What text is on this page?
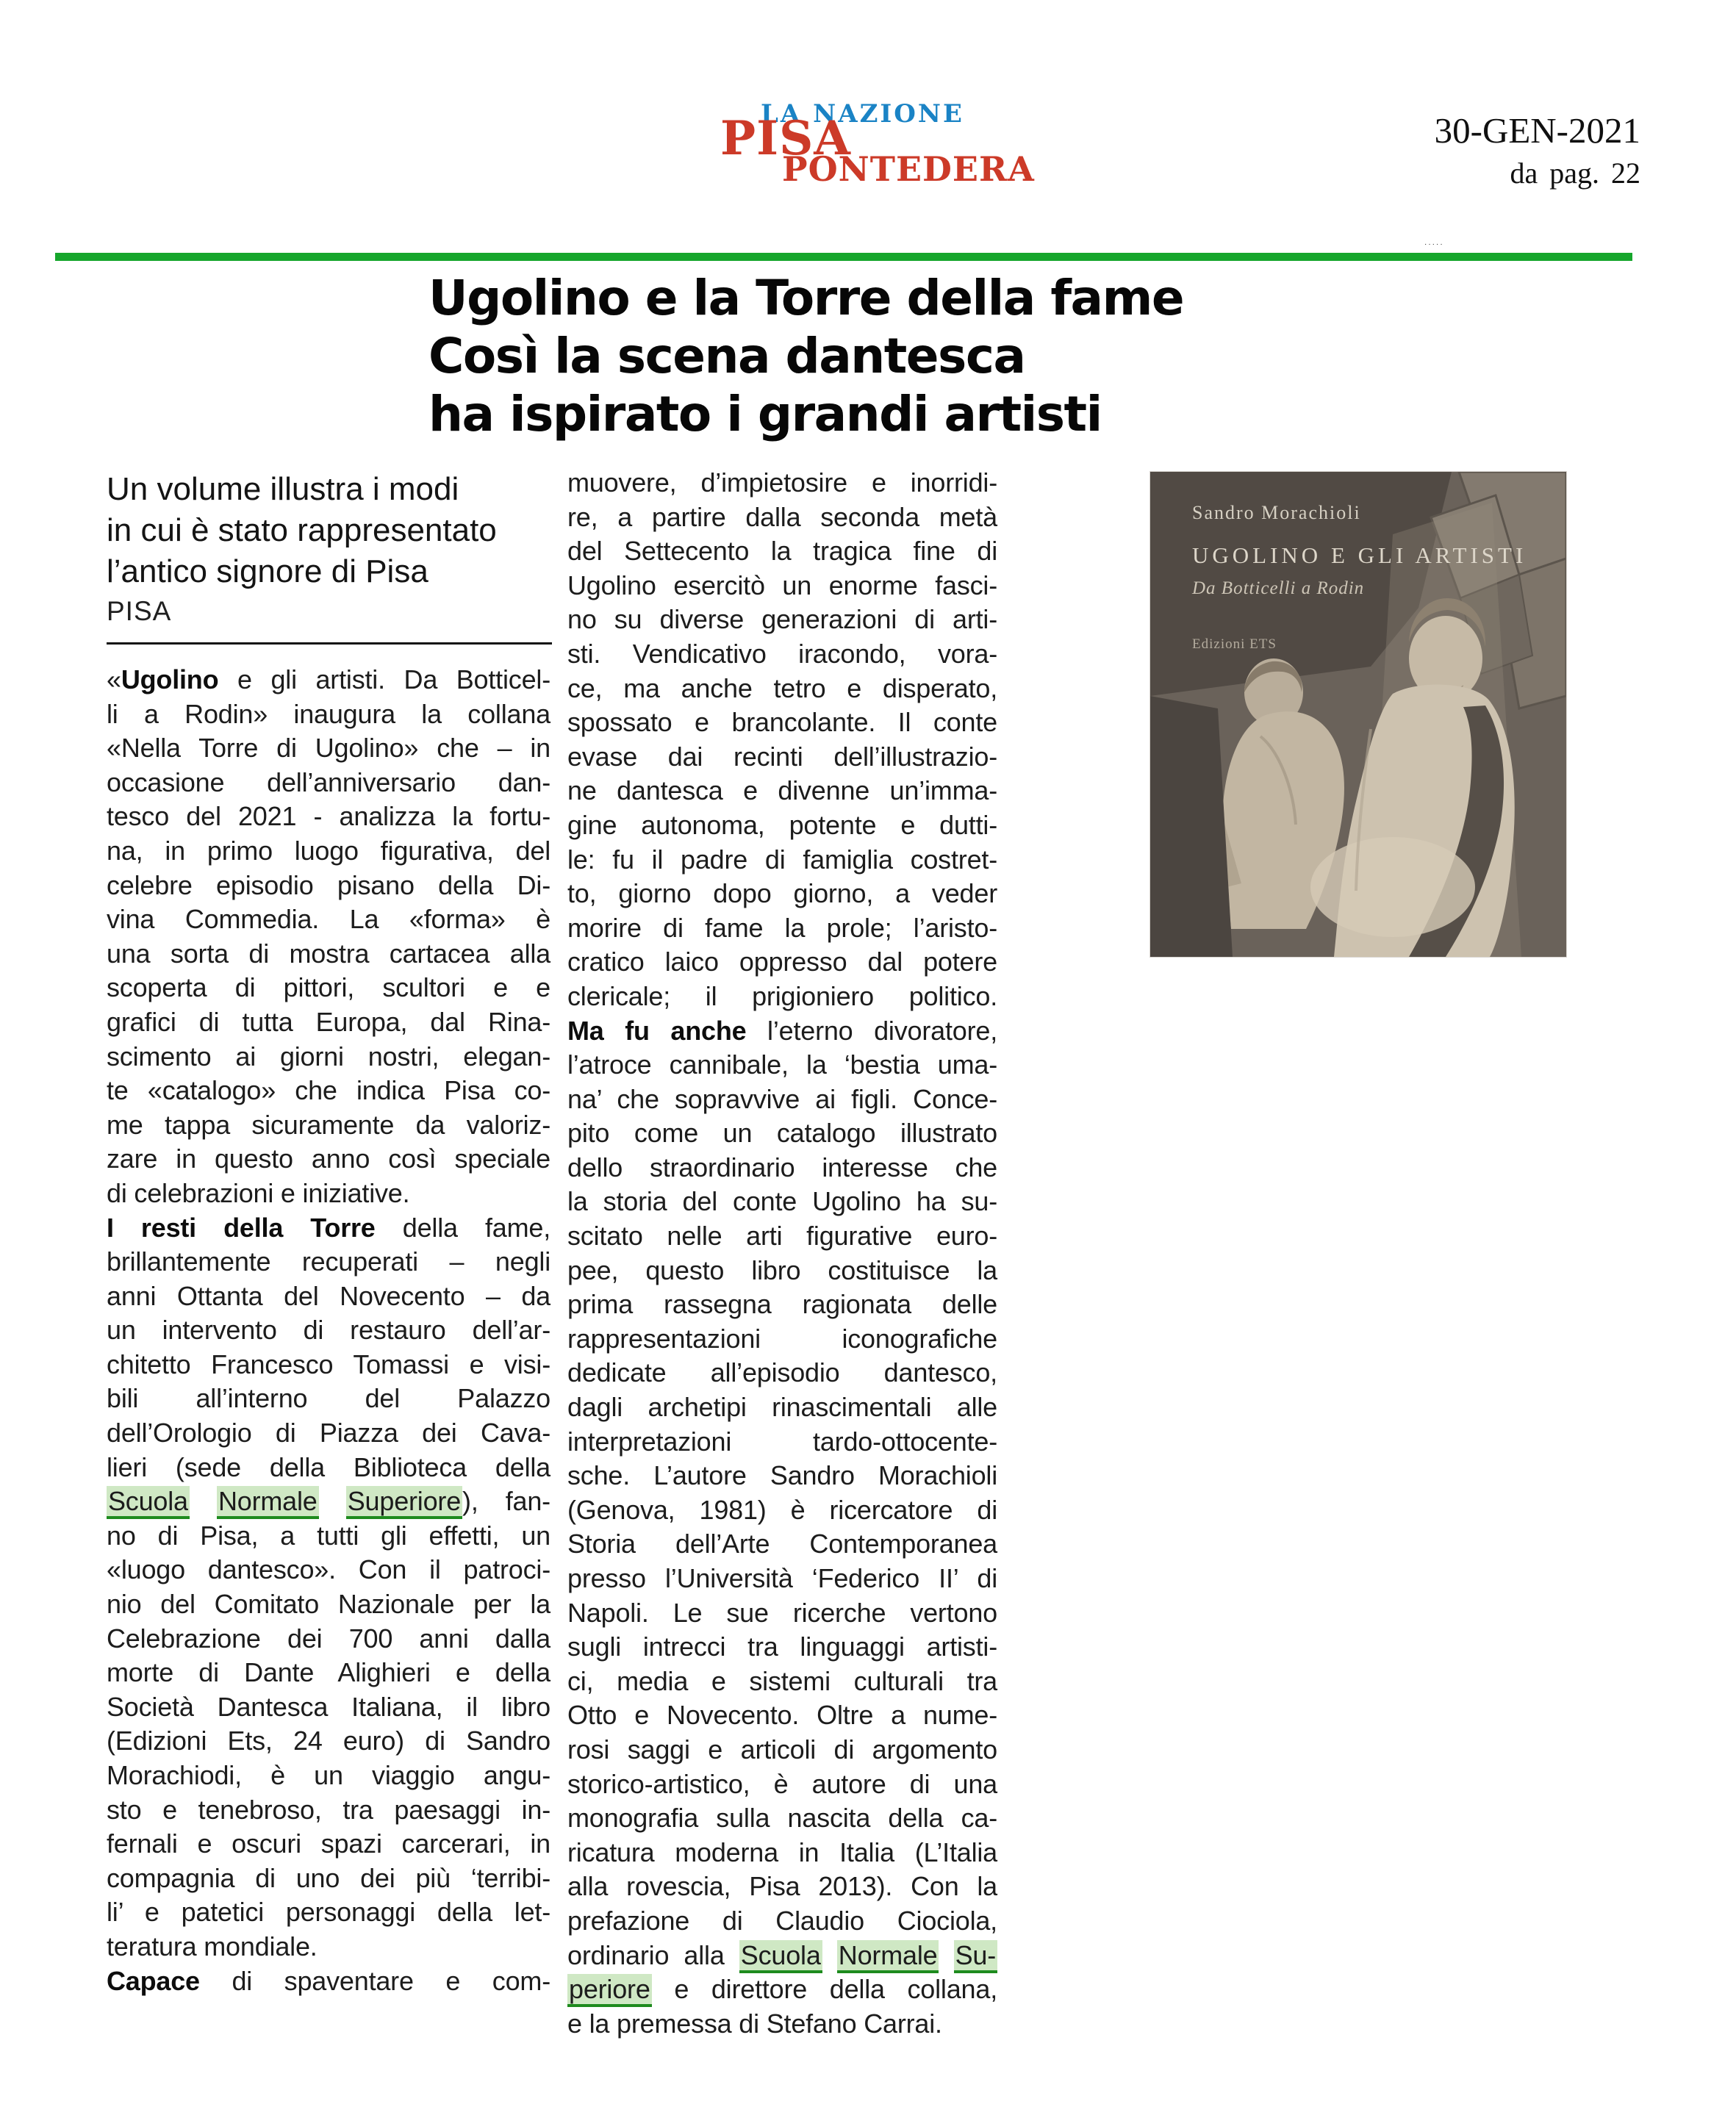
LA NAZIONE
PISA
PONTEDERA
30-GEN-2021
da pag. 22
·····
Ugolino e la Torre della fame
Così la scena dantesca
ha ispirato i grandi artisti
Un volume illustra i modi
in cui è stato rappresentato
l’antico signore di Pisa
PISA
«Ugolino e gli artisti. Da Botticel-
li a Rodin» inaugura la collana
«Nella Torre di Ugolino» che – in
occasione dell’anniversario dan-
tesco del 2021 - analizza la fortu-
na, in primo luogo figurativa, del
celebre episodio pisano della Di-
vina Commedia. La «forma» è
una sorta di mostra cartacea alla
scoperta di pittori, scultori e e
grafici di tutta Europa, dal Rina-
scimento ai giorni nostri, elegan-
te «catalogo» che indica Pisa co-
me tappa sicuramente da valoriz-
zare in questo anno così speciale
di celebrazioni e iniziative.
I resti della Torre della fame,
brillantemente recuperati – negli
anni Ottanta del Novecento – da
un intervento di restauro dell’ar-
chitetto Francesco Tomassi e visi-
bili all’interno del Palazzo
dell’Orologio di Piazza dei Cava-
lieri (sede della Biblioteca della
Scuola Normale Superiore), fan-
no di Pisa, a tutti gli effetti, un
«luogo dantesco». Con il patroci-
nio del Comitato Nazionale per la
Celebrazione dei 700 anni dalla
morte di Dante Alighieri e della
Società Dantesca Italiana, il libro
(Edizioni Ets, 24 euro) di Sandro
Morachiodi, è un viaggio angu-
sto e tenebroso, tra paesaggi in-
fernali e oscuri spazi carcerari, in
compagnia di uno dei più ‘terribi-
li’ e patetici personaggi della let-
teratura mondiale.
Capace di spaventare e com-
muovere, d’impietosire e inorridi-
re, a partire dalla seconda metà
del Settecento la tragica fine di
Ugolino esercitò un enorme fasci-
no su diverse generazioni di arti-
sti. Vendicativo iracondo, vora-
ce, ma anche tetro e disperato,
spossato e brancolante. Il conte
evase dai recinti dell’illustrazio-
ne dantesca e divenne un’imma-
gine autonoma, potente e dutti-
le: fu il padre di famiglia costret-
to, giorno dopo giorno, a veder
morire di fame la prole; l’aristo-
cratico laico oppresso dal potere
clericale; il prigioniero politico.
Ma fu anche l’eterno divoratore,
l’atroce cannibale, la ‘bestia uma-
na’ che sopravvive ai figli. Conce-
pito come un catalogo illustrato
dello straordinario interesse che
la storia del conte Ugolino ha su-
scitato nelle arti figurative euro-
pee, questo libro costituisce la
prima rassegna ragionata delle
rappresentazioni iconografiche
dedicate all’episodio dantesco,
dagli archetipi rinascimentali alle
interpretazioni tardo-ottocente-
sche. L’autore Sandro Morachioli
(Genova, 1981) è ricercatore di
Storia dell’Arte Contemporanea
presso l’Università ‘Federico II’ di
Napoli. Le sue ricerche vertono
sugli intrecci tra linguaggi artisti-
ci, media e sistemi culturali tra
Otto e Novecento. Oltre a nume-
rosi saggi e articoli di argomento
storico-artistico, è autore di una
monografia sulla nascita della ca-
ricatura moderna in Italia (L’Italia
alla rovescia, Pisa 2013). Con la
prefazione di Claudio Ciociola,
ordinario alla Scuola Normale Su-
periore e direttore della collana,
e la premessa di Stefano Carrai.
Sandro Morachioli
UGOLINO E GLI ARTISTI
Da Botticelli a Rodin
Edizioni ETS
